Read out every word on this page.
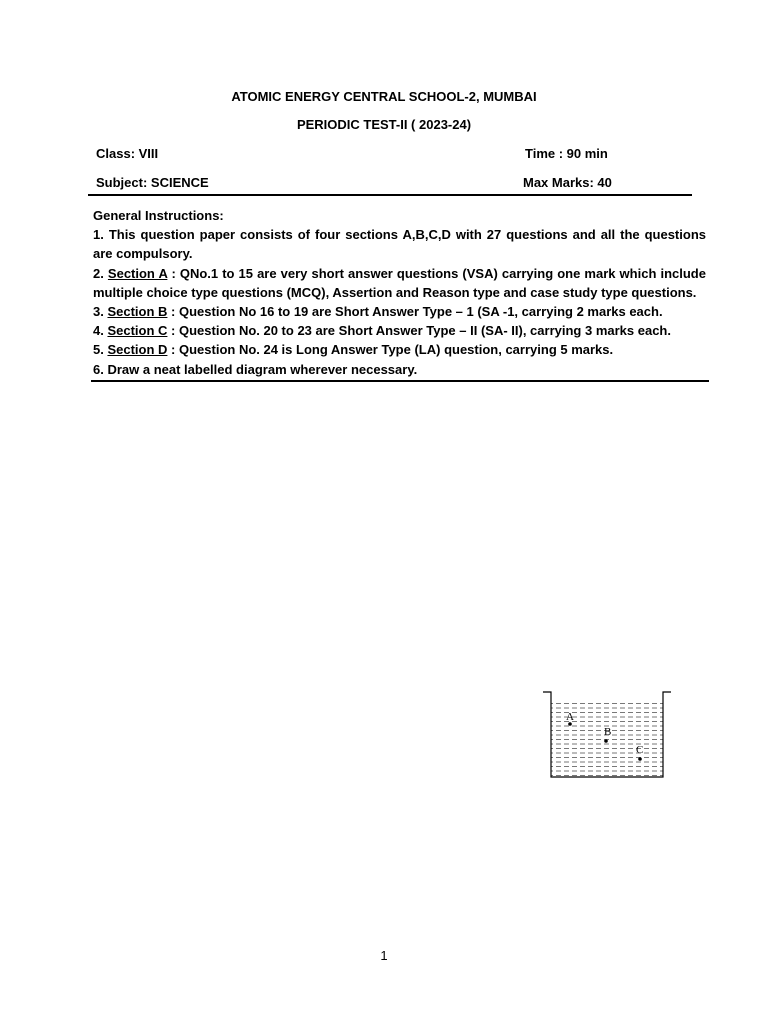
ATOMIC ENERGY CENTRAL SCHOOL-2, MUMBAI
PERIODIC TEST-II ( 2023-24)
Class: VIII	Time : 90 min
Subject: SCIENCE	Max Marks: 40

General Instructions:

1. This question paper consists of four sections A,B,C,D with 27 questions and all the questions are compulsory.

2. Section A : QNo.1 to 15 are very short answer questions (VSA) carrying one mark which include multiple choice type questions (MCQ), Assertion and Reason type and case study type questions.

3. Section B : Question No 16 to 19 are Short Answer Type – 1 (SA -1, carrying 2 marks each.

4. Section C : Question No. 20 to 23 are Short Answer Type – II (SA- II), carrying 3 marks each.

5. Section D : Question No. 24 is Long Answer Type (LA) question, carrying 5 marks.

6. Draw a neat labelled diagram wherever necessary.

A
B
C
1
